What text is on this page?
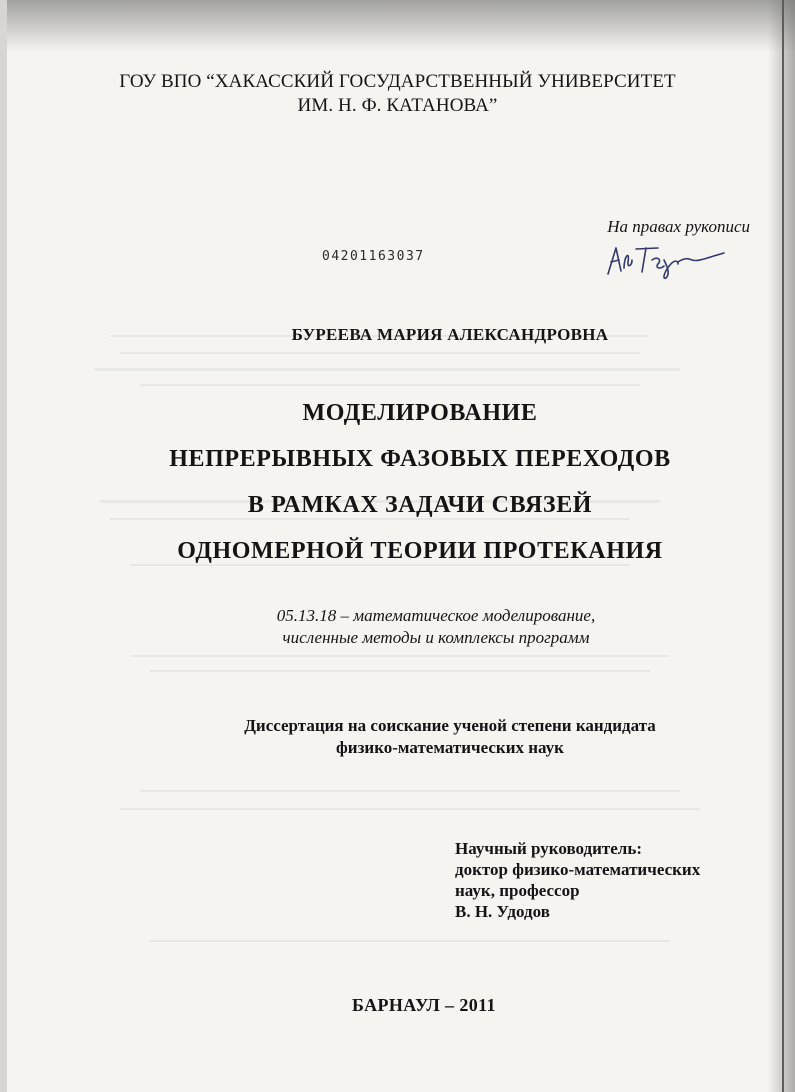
ГОУ ВПО “ХАКАССКИЙ ГОСУДАРСТВЕННЫЙ УНИВЕРСИТЕТ
ИМ. Н. Ф. КАТАНОВА”
На правах рукописи
04201163037
БУРЕЕВА МАРИЯ АЛЕКСАНДРОВНА
МОДЕЛИРОВАНИЕ
НЕПРЕРЫВНЫХ ФАЗОВЫХ ПЕРЕХОДОВ
В РАМКАХ ЗАДАЧИ СВЯЗЕЙ
ОДНОМЕРНОЙ ТЕОРИИ ПРОТЕКАНИЯ
05.13.18 – математическое моделирование,
численные методы и комплексы программ
Диссертация на соискание ученой степени кандидата
физико-математических наук
Научный руководитель:
доктор физико-математических
наук, профессор
В. Н. Удодов
БАРНАУЛ – 2011
